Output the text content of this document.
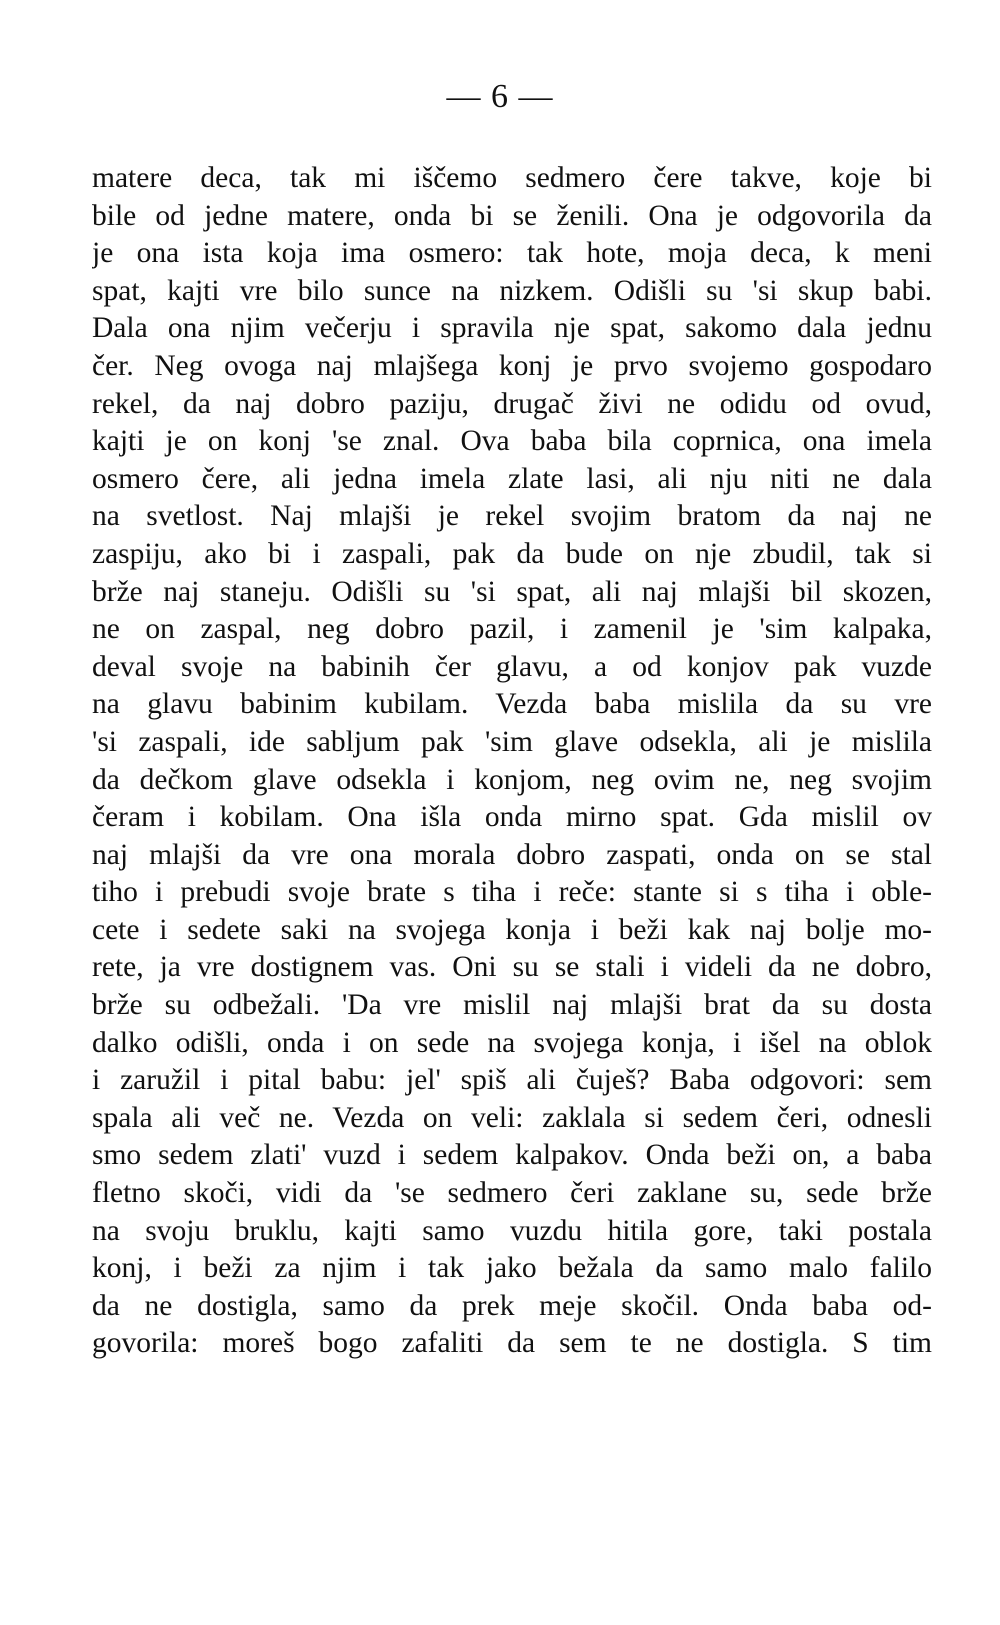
— 6 —
matere deca, tak mi iščemo sedmero čere takve, koje bi
bile od jedne matere, onda bi se ženili. Ona je odgovorila da
je ona ista koja ima osmero: tak hote, moja deca, k meni
spat, kajti vre bilo sunce na nizkem. Odišli su 'si skup babi.
Dala ona njim večerju i spravila nje spat, sakomo dala jednu
čer. Neg ovoga naj mlajšega konj je prvo svojemo gospodaro
rekel, da naj dobro paziju, drugač živi ne odidu od ovud,
kajti je on konj 'se znal. Ova baba bila coprnica, ona imela
osmero čere, ali jedna imela zlate lasi, ali nju niti ne dala
na svetlost. Naj mlajši je rekel svojim bratom da naj ne
zaspiju, ako bi i zaspali, pak da bude on nje zbudil, tak si
brže naj staneju. Odišli su 'si spat, ali naj mlajši bil skozen,
ne on zaspal, neg dobro pazil, i zamenil je 'sim kalpaka,
deval svoje na babinih čer glavu, a od konjov pak vuzde
na glavu babinim kubilam. Vezda baba mislila da su vre
'si zaspali, ide sabljum pak 'sim glave odsekla, ali je mislila
da dečkom glave odsekla i konjom, neg ovim ne, neg svojim
čeram i kobilam. Ona išla onda mirno spat. Gda mislil ov
naj mlajši da vre ona morala dobro zaspati, onda on se stal
tiho i prebudi svoje brate s tiha i reče: stante si s tiha i oble-
cete i sedete saki na svojega konja i beži kak naj bolje mo-
rete, ja vre dostignem vas. Oni su se stali i videli da ne dobro,
brže su odbežali. 'Da vre mislil naj mlajši brat da su dosta
dalko odišli, onda i on sede na svojega konja, i išel na oblok
i zaružil i pital babu: jel' spiš ali čuješ? Baba odgovori: sem
spala ali več ne. Vezda on veli: zaklala si sedem čeri, odnesli
smo sedem zlati' vuzd i sedem kalpakov. Onda beži on, a baba
fletno skoči, vidi da 'se sedmero čeri zaklane su, sede brže
na svoju bruklu, kajti samo vuzdu hitila gore, taki postala
konj, i beži za njim i tak jako bežala da samo malo falilo
da ne dostigla, samo da prek meje skočil. Onda baba od-
govorila: moreš bogo zafaliti da sem te ne dostigla. S tim
